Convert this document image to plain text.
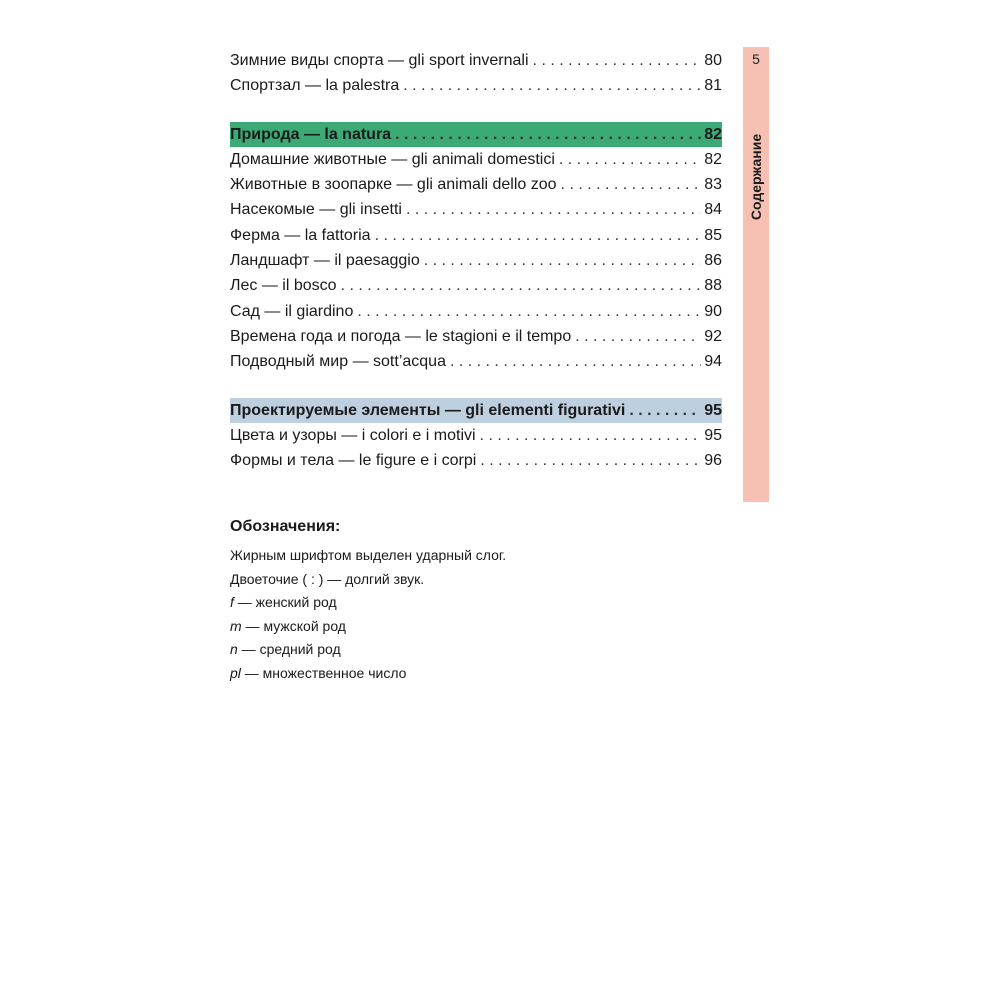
Зимние виды спорта — gli sport invernali . . .	80
Спортзал — la palestra . . .	81
Природа — la natura . . .	82
Домашние животные — gli animali domestici . . .	82
Животные в зоопарке — gli animali dello zoo . . .	83
Насекомые — gli insetti . . .	84
Ферма — la fattoria . . .	85
Ландшафт — il paesaggio . . .	86
Лес — il bosco . . .	88
Сад — il giardino . . .	90
Времена года и погода — le stagioni e il tempo . . .	92
Подводный мир — sott’acqua . . .	94
Проектируемые элементы — gli elementi figurativi . . .	95
Цвета и узоры — i colori e i motivi . . .	95
Формы и тела — le figure e i corpi . . .	96
5
Содержание
Обозначения:
Жирным шрифтом выделен ударный слог.
Двоеточие ( : ) — долгий звук.
f — женский род
m — мужской род
n — средний род
pl — множественное число
